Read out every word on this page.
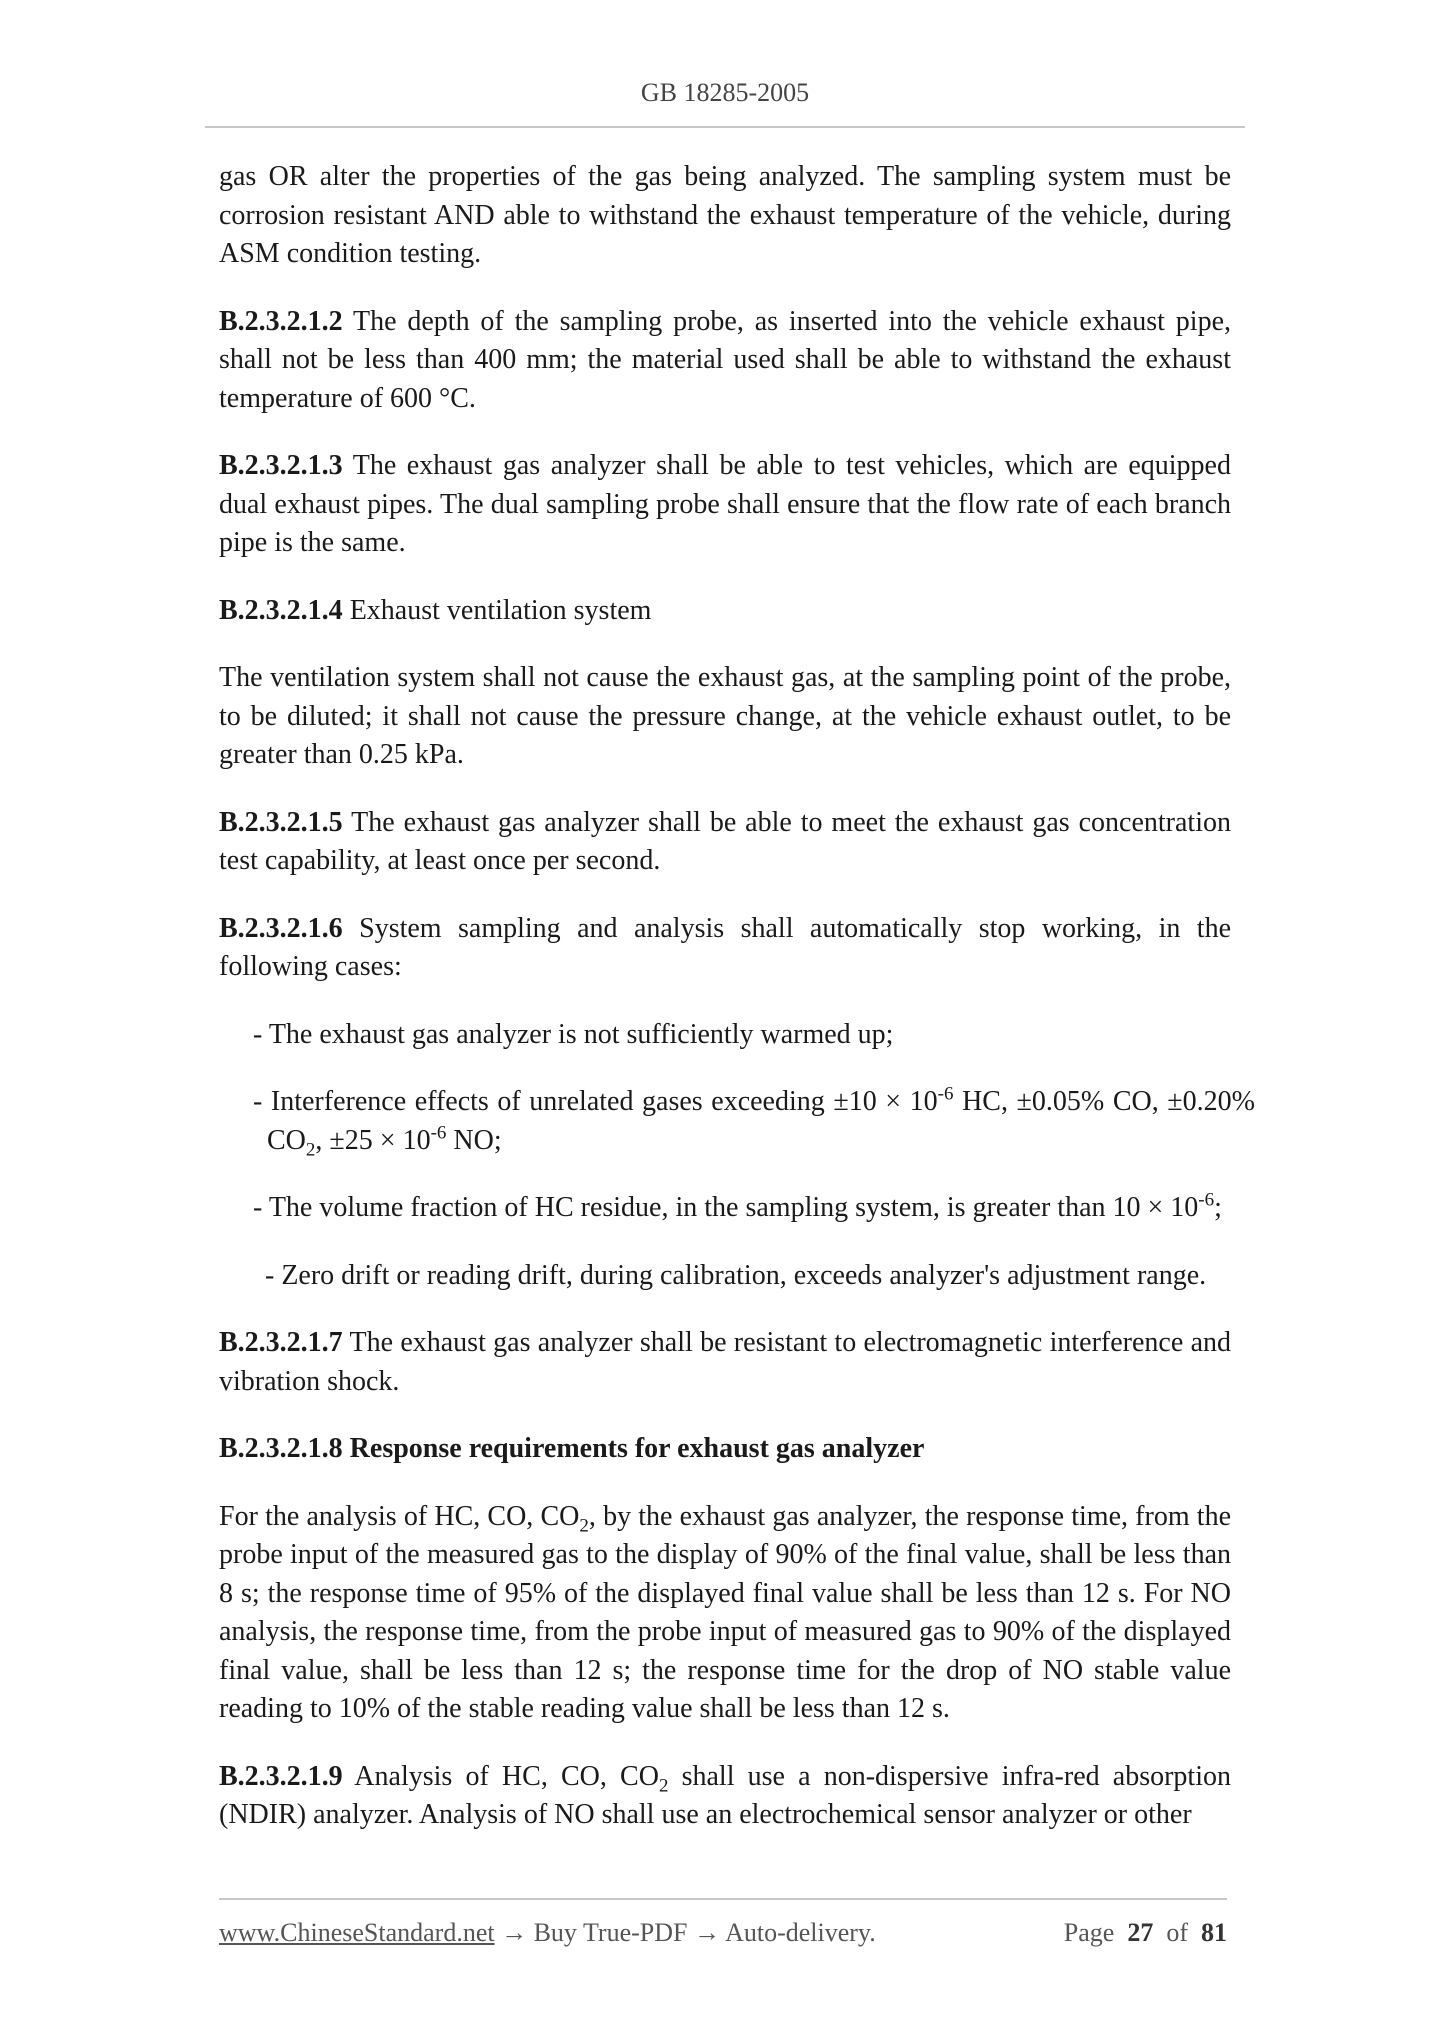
GB 18285-2005

gas OR alter the properties of the gas being analyzed. The sampling system must be corrosion resistant AND able to withstand the exhaust temperature of the vehicle, during ASM condition testing.

B.2.3.2.1.2 The depth of the sampling probe, as inserted into the vehicle exhaust pipe, shall not be less than 400 mm; the material used shall be able to withstand the exhaust temperature of 600 °C.

B.2.3.2.1.3 The exhaust gas analyzer shall be able to test vehicles, which are equipped dual exhaust pipes. The dual sampling probe shall ensure that the flow rate of each branch pipe is the same.

B.2.3.2.1.4 Exhaust ventilation system

The ventilation system shall not cause the exhaust gas, at the sampling point of the probe, to be diluted; it shall not cause the pressure change, at the vehicle exhaust outlet, to be greater than 0.25 kPa.

B.2.3.2.1.5 The exhaust gas analyzer shall be able to meet the exhaust gas concentration test capability, at least once per second.

B.2.3.2.1.6 System sampling and analysis shall automatically stop working, in the following cases:

- The exhaust gas analyzer is not sufficiently warmed up;
- Interference effects of unrelated gases exceeding $\pm 10 \times 10^{-6}$ HC, ±0.05% CO, ±0.20% $CO_2$, $\pm 25 \times 10^{-6}$ NO;
- The volume fraction of HC residue, in the sampling system, is greater than $10 \times 10^{-6}$;
- Zero drift or reading drift, during calibration, exceeds analyzer's adjustment range.

B.2.3.2.1.7 The exhaust gas analyzer shall be resistant to electromagnetic interference and vibration shock.

B.2.3.2.1.8 Response requirements for exhaust gas analyzer

For the analysis of HC, CO, $CO_2$, by the exhaust gas analyzer, the response time, from the probe input of the measured gas to the display of 90% of the final value, shall be less than 8 s; the response time of 95% of the displayed final value shall be less than 12 s. For NO analysis, the response time, from the probe input of measured gas to 90% of the displayed final value, shall be less than 12 s; the response time for the drop of NO stable value reading to 10% of the stable reading value shall be less than 12 s.

B.2.3.2.1.9 Analysis of HC, CO, $CO_2$ shall use a non-dispersive infra-red absorption (NDIR) analyzer. Analysis of NO shall use an electrochemical sensor analyzer or other

www.ChineseStandard.net → Buy True-PDF → Auto-delivery.	Page 27 of 81
